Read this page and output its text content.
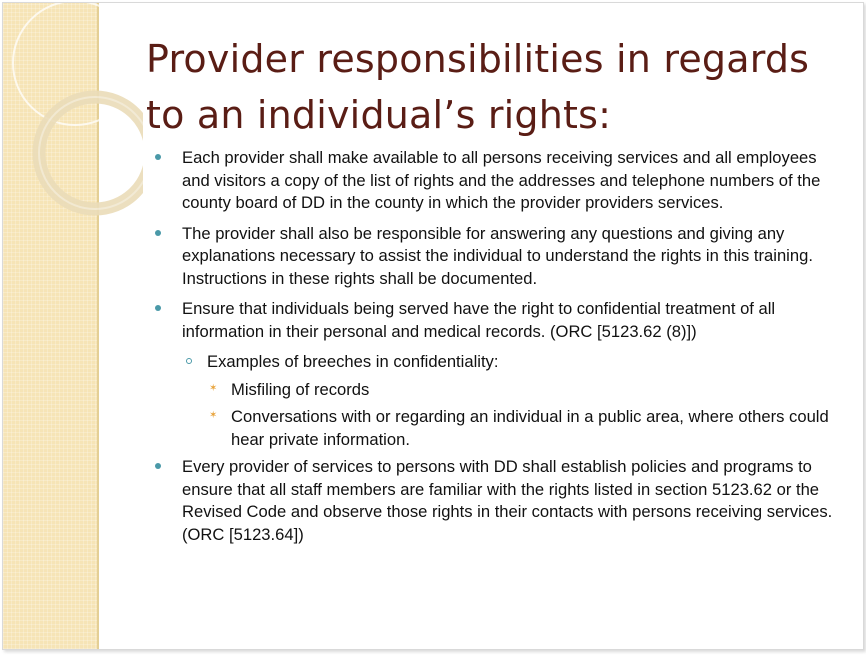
Provider responsibilities in regards to an individual’s rights:
Each provider shall make available to all persons receiving services and all employees and visitors a copy of the list of rights and the addresses and telephone numbers of the county board of DD in the county in which the provider providers services.
The provider shall also be responsible for answering any questions and giving any explanations necessary to assist the individual to understand the rights in this training. Instructions in these rights shall be documented.
Ensure that individuals being served have the right to confidential treatment of all information in their personal and medical records. (ORC [5123.62 (8)])
Examples of breeches in confidentiality:
✶ Misfiling of records
✶ Conversations with or regarding an individual in a public area, where others could hear private information.
Every provider of services to persons with DD shall establish policies and programs to ensure that all staff members are familiar with the rights listed in section 5123.62 or the Revised Code and observe those rights in their contacts with persons receiving services. (ORC [5123.64])
